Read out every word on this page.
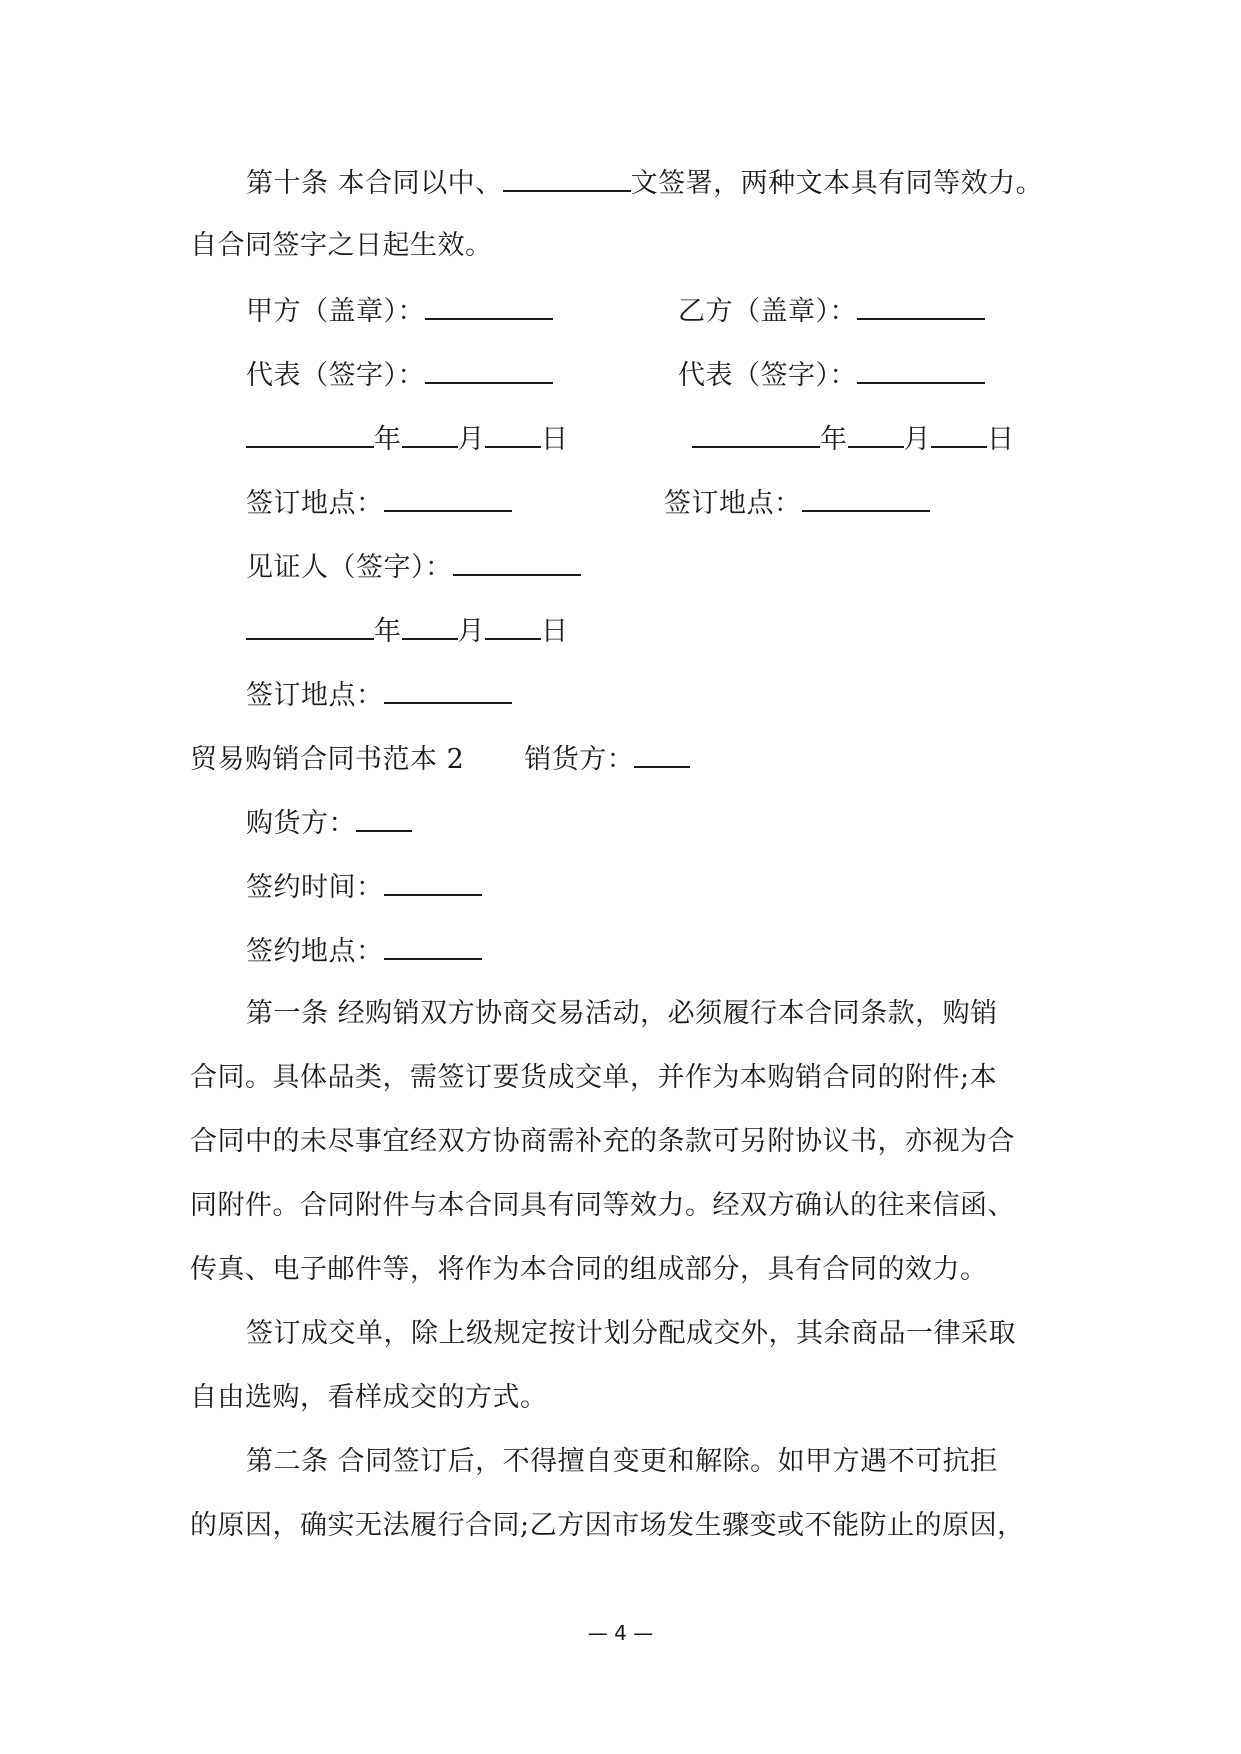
第十条 本合同以中、	文签署，两种文本具有同等效力。
自合同签字之日起生效。
甲方（盖章）：	乙方（盖章）：
代表（签字）：	代表（签字）：
年 月 日	年 月 日
签订地点：	签订地点：
见证人（签字）：
年 月 日
签订地点：
贸易购销合同书范本 2 销货方：
购货方：
签约时间：
签约地点：
第一条 经购销双方协商交易活动，必须履行本合同条款，购销
合同。具体品类，需签订要货成交单，并作为本购销合同的附件;本
合同中的未尽事宜经双方协商需补充的条款可另附协议书，亦视为合
同附件。合同附件与本合同具有同等效力。经双方确认的往来信函、
传真、电子邮件等，将作为本合同的组成部分，具有合同的效力。
签订成交单，除上级规定按计划分配成交外，其余商品一律采取
自由选购，看样成交的方式。
第二条 合同签订后，不得擅自变更和解除。如甲方遇不可抗拒
的原因，确实无法履行合同;乙方因市场发生骤变或不能防止的原因，
— 4 —
